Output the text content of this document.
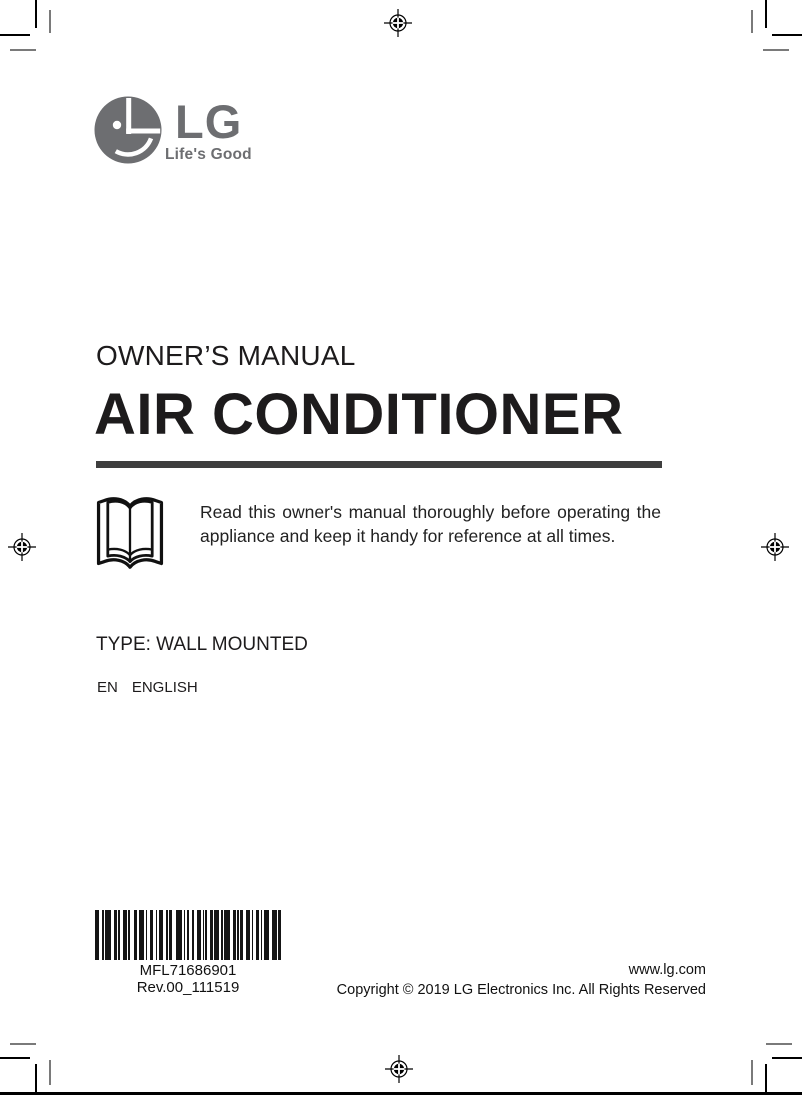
LG
Life's Good
OWNER’S MANUAL
AIR CONDITIONER
Read this owner's manual thoroughly before operating the
appliance and keep it handy for reference at all times.
TYPE: WALL MOUNTED
EN ENGLISH
MFL71686901
Rev.00_111519
www.lg.com
Copyright © 2019 LG Electronics Inc. All Rights Reserved
